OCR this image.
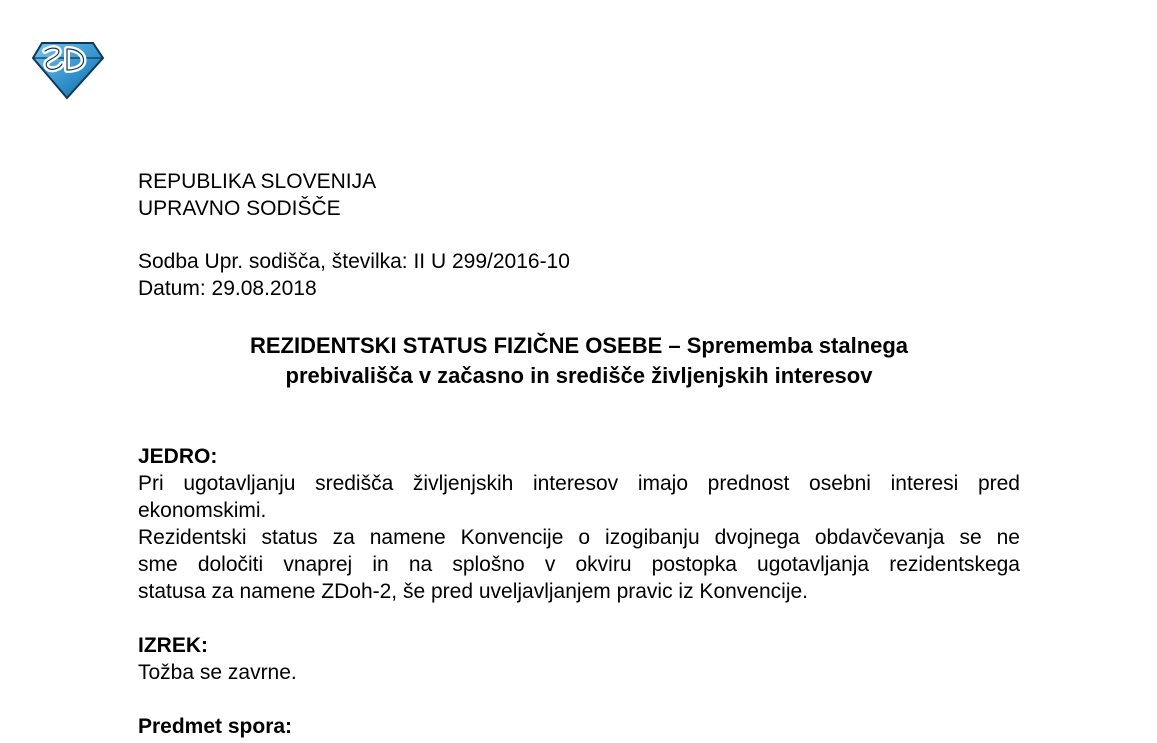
REPUBLIKA SLOVENIJA
UPRAVNO SODIŠČE
Sodba Upr. sodišča, številka: II U 299/2016-10
Datum: 29.08.2018
REZIDENTSKI STATUS FIZIČNE OSEBE – Sprememba stalnega
prebivališča v začasno in središče življenjskih interesov
JEDRO:
Pri ugotavljanju središča življenjskih interesov imajo prednost osebni interesi pred
ekonomskimi.
Rezidentski status za namene Konvencije o izogibanju dvojnega obdavčevanja se ne
sme določiti vnaprej in na splošno v okviru postopka ugotavljanja rezidentskega
statusa za namene ZDoh-2, še pred uveljavljanjem pravic iz Konvencije.
IZREK:
Tožba se zavrne.
Predmet spora:
